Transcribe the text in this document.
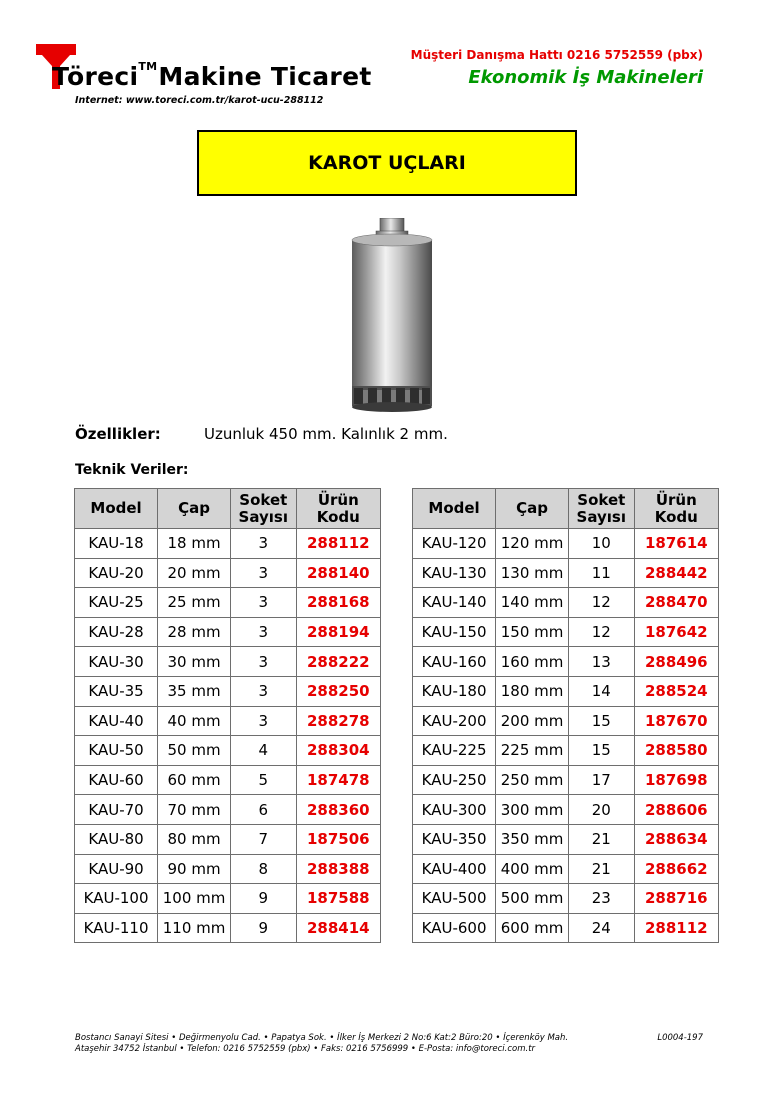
Töreci™Makine Ticaret
Internet: www.toreci.com.tr/karot-ucu-288112
Müşteri Danışma Hattı 0216 5752559 (pbx)
Ekonomik İş Makineleri
KAROT UÇLARI
Özellikler:	Uzunluk 450 mm. Kalınlık 2 mm.
Teknik Veriler:
Model	Çap	Soket Sayısı	Ürün Kodu
KAU-18	18 mm	3	288112
KAU-20	20 mm	3	288140
KAU-25	25 mm	3	288168
KAU-28	28 mm	3	288194
KAU-30	30 mm	3	288222
KAU-35	35 mm	3	288250
KAU-40	40 mm	3	288278
KAU-50	50 mm	4	288304
KAU-60	60 mm	5	187478
KAU-70	70 mm	6	288360
KAU-80	80 mm	7	187506
KAU-90	90 mm	8	288388
KAU-100	100 mm	9	187588
KAU-110	110 mm	9	288414
Model	Çap	Soket Sayısı	Ürün Kodu
KAU-120	120 mm	10	187614
KAU-130	130 mm	11	288442
KAU-140	140 mm	12	288470
KAU-150	150 mm	12	187642
KAU-160	160 mm	13	288496
KAU-180	180 mm	14	288524
KAU-200	200 mm	15	187670
KAU-225	225 mm	15	288580
KAU-250	250 mm	17	187698
KAU-300	300 mm	20	288606
KAU-350	350 mm	21	288634
KAU-400	400 mm	21	288662
KAU-500	500 mm	23	288716
KAU-600	600 mm	24	288112
Bostancı Sanayi Sitesi • Değirmenyolu Cad. • Papatya Sok. • İlker İş Merkezi 2 No:6 Kat:2 Büro:20 • İçerenköy Mah.
Ataşehir 34752 İstanbul • Telefon: 0216 5752559 (pbx) • Faks: 0216 5756999 • E-Posta: info@toreci.com.tr
L0004-197
